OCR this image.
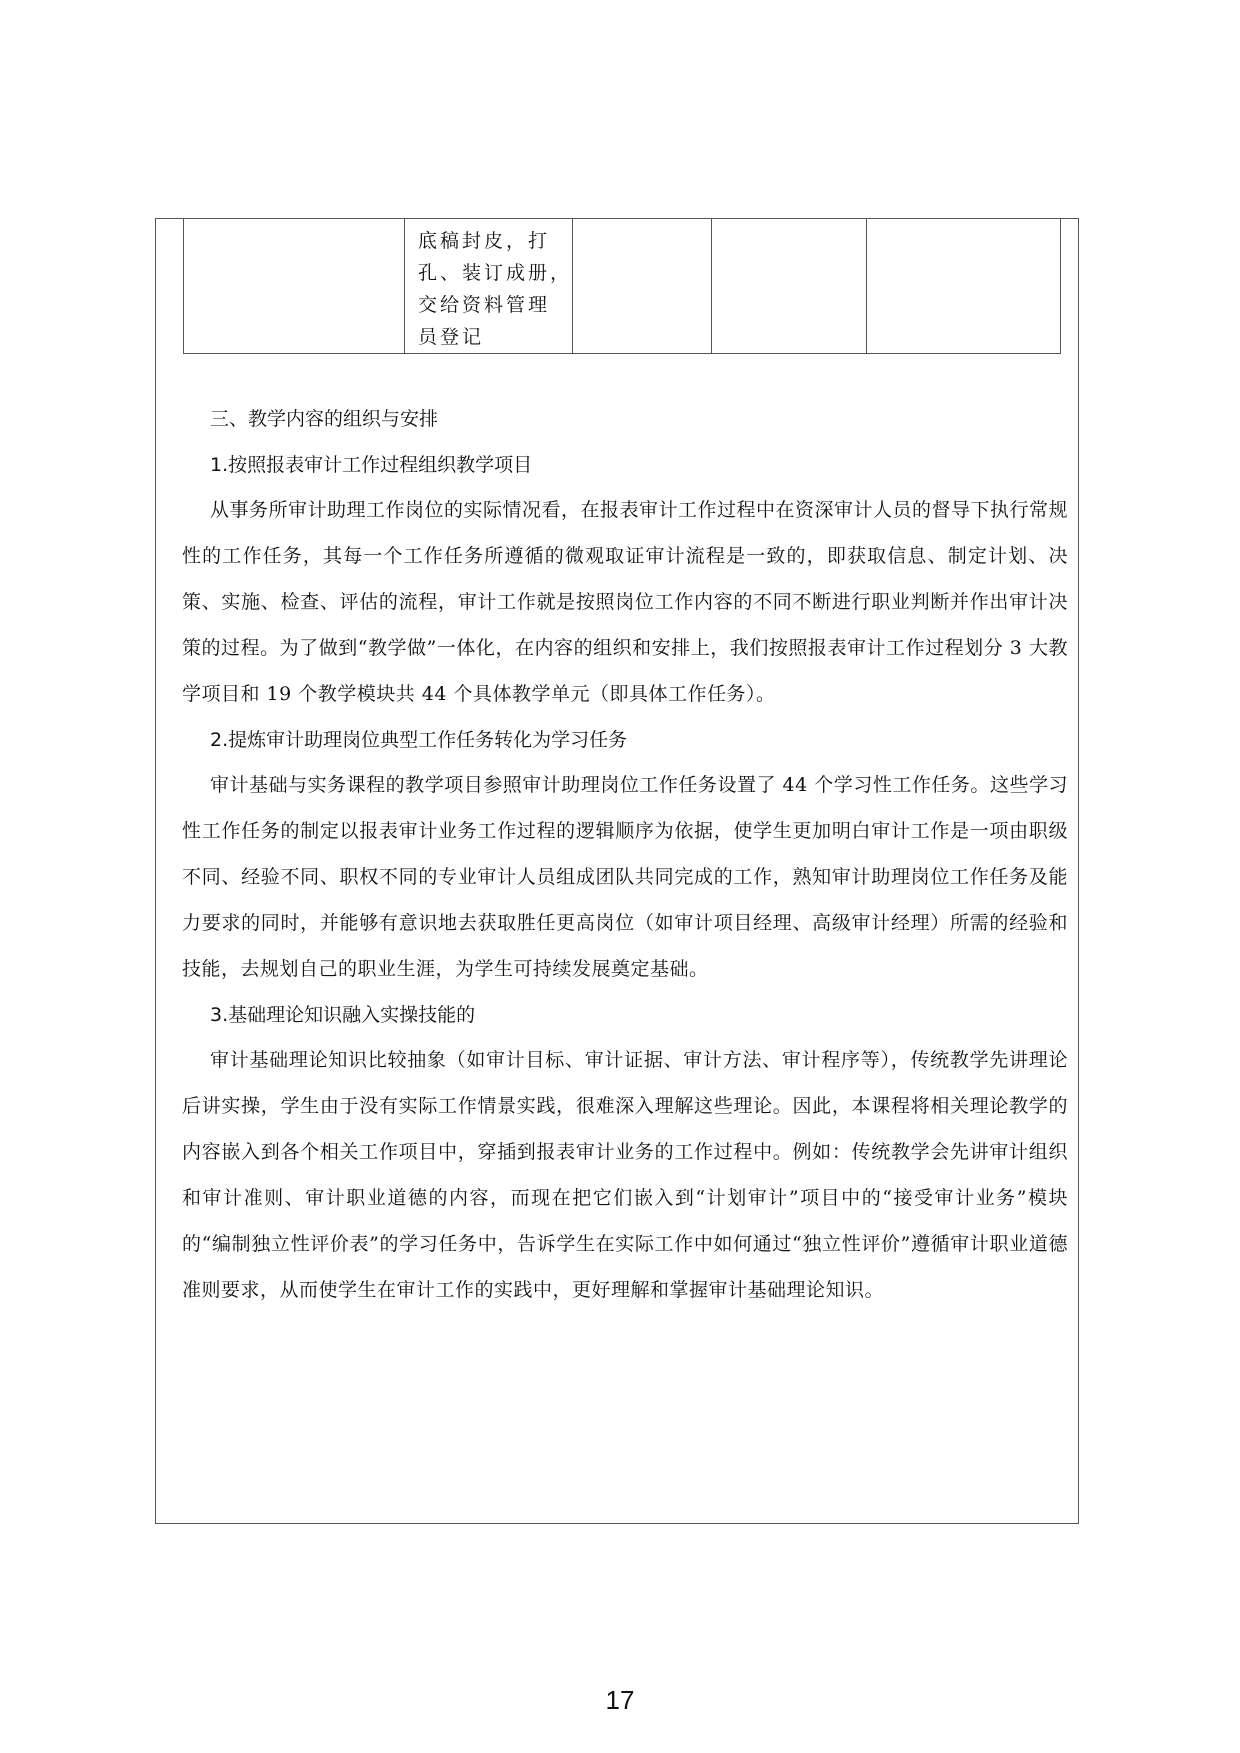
底稿封皮，打
孔、装订成册，
交给资料管理
员登记

三、教学内容的组织与安排
1.按照报表审计工作过程组织教学项目

从事务所审计助理工作岗位的实际情况看，在报表审计工作过程中在资深审计人员的督导下执行常规性的工作任务，其每一个工作任务所遵循的微观取证审计流程是一致的，即获取信息、制定计划、决策、实施、检查、评估的流程，审计工作就是按照岗位工作内容的不同不断进行职业判断并作出审计决策的过程。为了做到“教学做”一体化，在内容的组织和安排上，我们按照报表审计工作过程划分 3 大教学项目和 19 个教学模块共 44 个具体教学单元（即具体工作任务）。

2.提炼审计助理岗位典型工作任务转化为学习任务

审计基础与实务课程的教学项目参照审计助理岗位工作任务设置了 44 个学习性工作任务。这些学习性工作任务的制定以报表审计业务工作过程的逻辑顺序为依据，使学生更加明白审计工作是一项由职级不同、经验不同、职权不同的专业审计人员组成团队共同完成的工作，熟知审计助理岗位工作任务及能力要求的同时，并能够有意识地去获取胜任更高岗位（如审计项目经理、高级审计经理）所需的经验和技能，去规划自己的职业生涯，为学生可持续发展奠定基础。

3.基础理论知识融入实操技能的

审计基础理论知识比较抽象（如审计目标、审计证据、审计方法、审计程序等），传统教学先讲理论后讲实操，学生由于没有实际工作情景实践，很难深入理解这些理论。因此，本课程将相关理论教学的内容嵌入到各个相关工作项目中，穿插到报表审计业务的工作过程中。例如：传统教学会先讲审计组织和审计准则、审计职业道德的内容，而现在把它们嵌入到“计划审计”项目中的“接受审计业务”模块的“编制独立性评价表”的学习任务中，告诉学生在实际工作中如何通过“独立性评价”遵循审计职业道德准则要求，从而使学生在审计工作的实践中，更好理解和掌握审计基础理论知识。

17
